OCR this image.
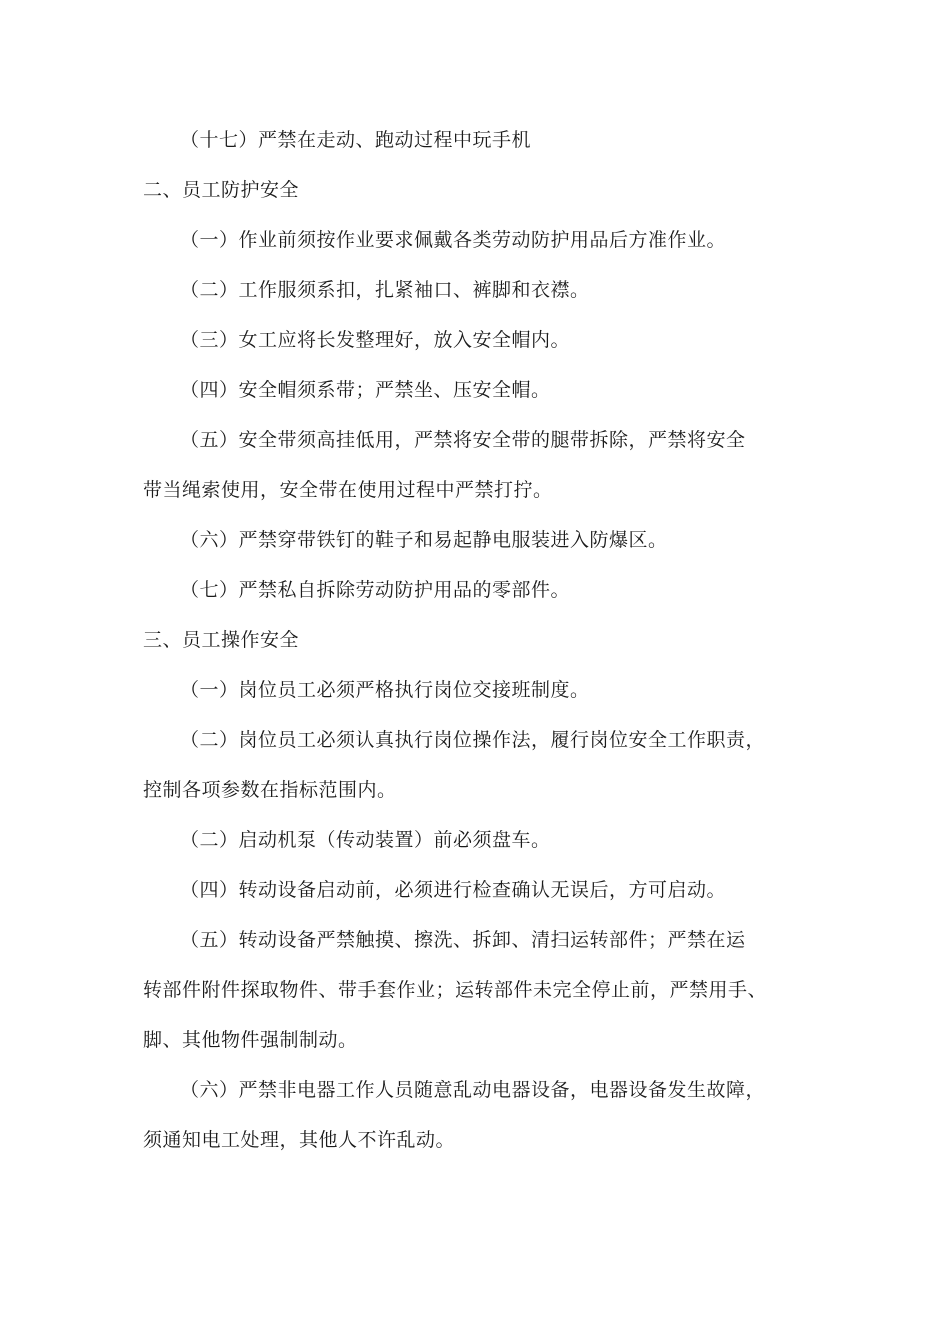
（十七）严禁在走动、跑动过程中玩手机
二、员工防护安全
（一）作业前须按作业要求佩戴各类劳动防护用品后方准作业。
（二）工作服须系扣，扎紧袖口、裤脚和衣襟。
（三）女工应将长发整理好，放入安全帽内。
（四）安全帽须系带；严禁坐、压安全帽。
（五）安全带须高挂低用，严禁将安全带的腿带拆除，严禁将安全
带当绳索使用，安全带在使用过程中严禁打拧。
（六）严禁穿带铁钉的鞋子和易起静电服装进入防爆区。
（七）严禁私自拆除劳动防护用品的零部件。
三、员工操作安全
（一）岗位员工必须严格执行岗位交接班制度。
（二）岗位员工必须认真执行岗位操作法，履行岗位安全工作职责，
控制各项参数在指标范围内。
（二）启动机泵（传动装置）前必须盘车。
（四）转动设备启动前，必须进行检查确认无误后，方可启动。
（五）转动设备严禁触摸、擦洗、拆卸、清扫运转部件；严禁在运
转部件附件探取物件、带手套作业；运转部件未完全停止前，严禁用手、
脚、其他物件强制制动。
（六）严禁非电器工作人员随意乱动电器设备，电器设备发生故障，
须通知电工处理，其他人不许乱动。
